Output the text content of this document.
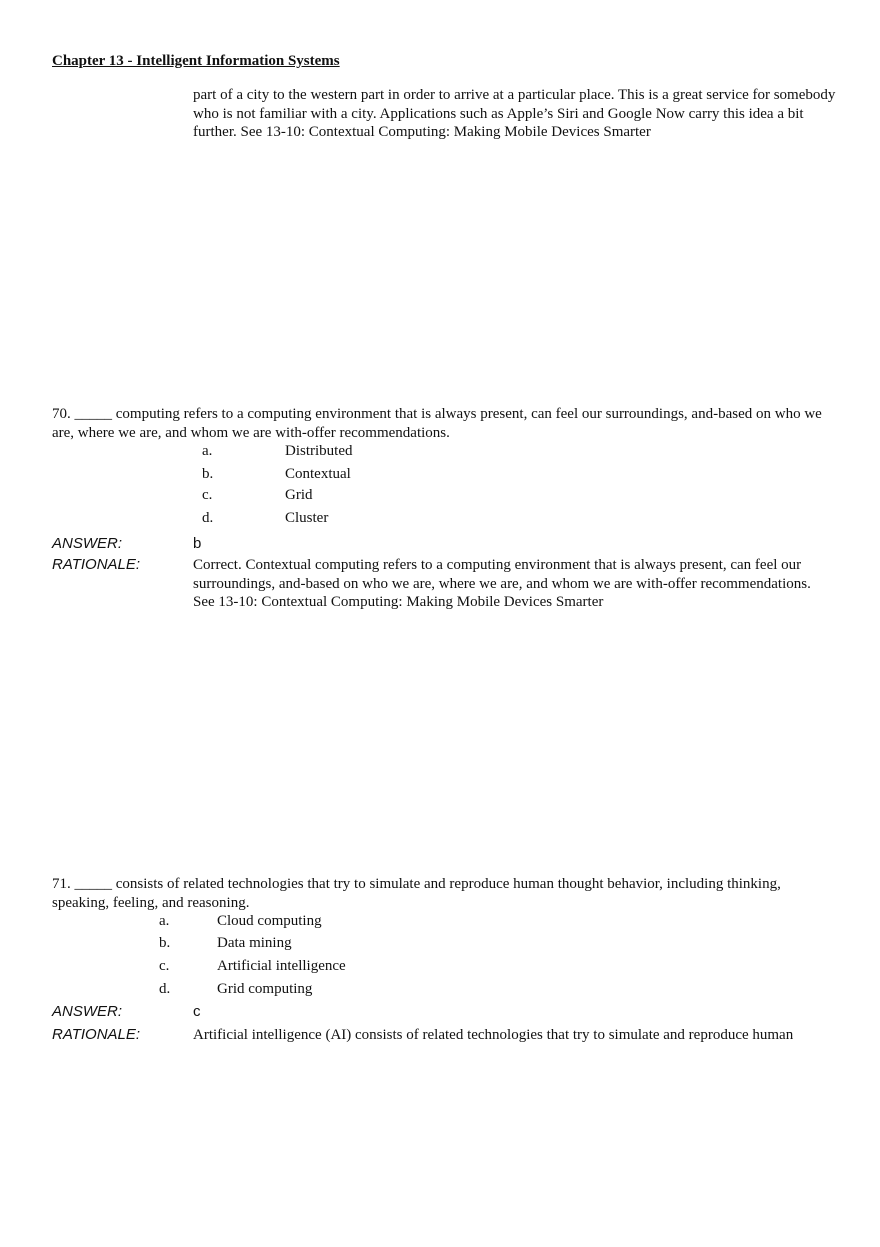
Chapter 13 - Intelligent Information Systems
part of a city to the western part in order to arrive at a particular place. This is a great service for somebody who is not familiar with a city. Applications such as Apple’s Siri and Google Now carry this idea a bit further. See 13-10: Contextual Computing: Making Mobile Devices Smarter
70. _____ computing refers to a computing environment that is always present, can feel our surroundings, and-based on who we are, where we are, and whom we are with-offer recommendations.
a.	Distributed
b.	Contextual
c.	Grid
d.	Cluster
ANSWER:	b
RATIONALE:	Correct. Contextual computing refers to a computing environment that is always present, can feel our surroundings, and-based on who we are, where we are, and whom we are with-offer recommendations. See 13-10: Contextual Computing: Making Mobile Devices Smarter
71. _____ consists of related technologies that try to simulate and reproduce human thought behavior, including thinking, speaking, feeling, and reasoning.
a.	Cloud computing
b.	Data mining
c.	Artificial intelligence
d.	Grid computing
ANSWER:	c
RATIONALE:	Artificial intelligence (AI) consists of related technologies that try to simulate and reproduce human
